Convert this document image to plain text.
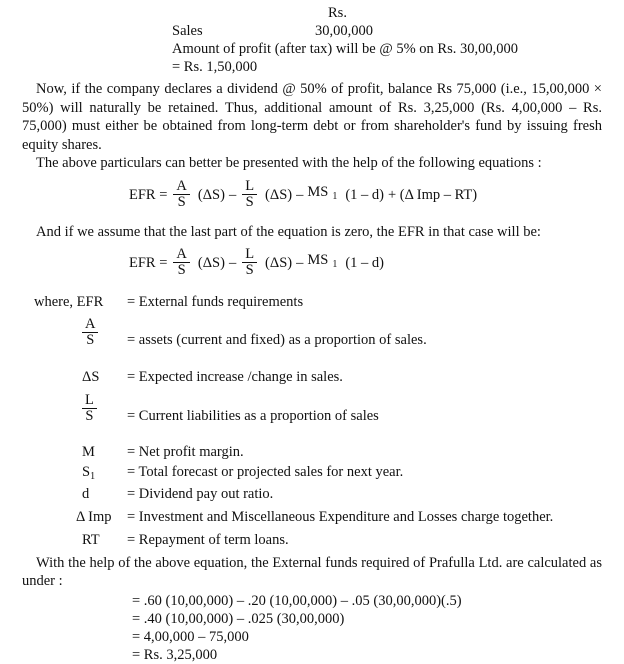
Rs.
Sales	30,00,000
Amount of profit (after tax) will be @ 5% on Rs. 30,00,000
= Rs. 1,50,000
Now, if the company declares a dividend @ 50% of profit, balance Rs 75,000 (i.e., 15,00,000 × 50%) will naturally be retained. Thus, additional amount of Rs. 3,25,000 (Rs. 4,00,000 – Rs. 75,000) must either be obtained from long-term debt or from shareholder's fund by issuing fresh equity shares.
The above particulars can better be presented with the help of the following equations :
EFR = $\frac{A}{S} (\Delta S) - \frac{L}{S} (\Delta S)$ – MS $_1$ (1 – d) + (Δ Imp – RT)
And if we assume that the last part of the equation is zero, the EFR in that case will be:
EFR = $\frac{A}{S} (\Delta S) - \frac{L}{S} (\Delta S)$ – MS $_1$ (1 – d)
where, EFR = External funds requirements
$\frac{A}{S}$ = assets (current and fixed) as a proportion of sales.
ΔS	= Expected increase /change in sales.
$\frac{L}{S}$ = Current liabilities as a proportion of sales
M	= Net profit margin.
$S_1$	= Total forecast or projected sales for next year.
d	= Dividend pay out ratio.
Δ Imp	= Investment and Miscellaneous Expenditure and Losses charge together.
RT	= Repayment of term loans.
With the help of the above equation, the External funds required of Prafulla Ltd. are calculated as under :
= .60 (10,00,000) – .20 (10,00,000) – .05 (30,00,000)(.5)
= .40 (10,00,000) – .025 (30,00,000)
= 4,00,000 – 75,000
= Rs. 3,25,000
